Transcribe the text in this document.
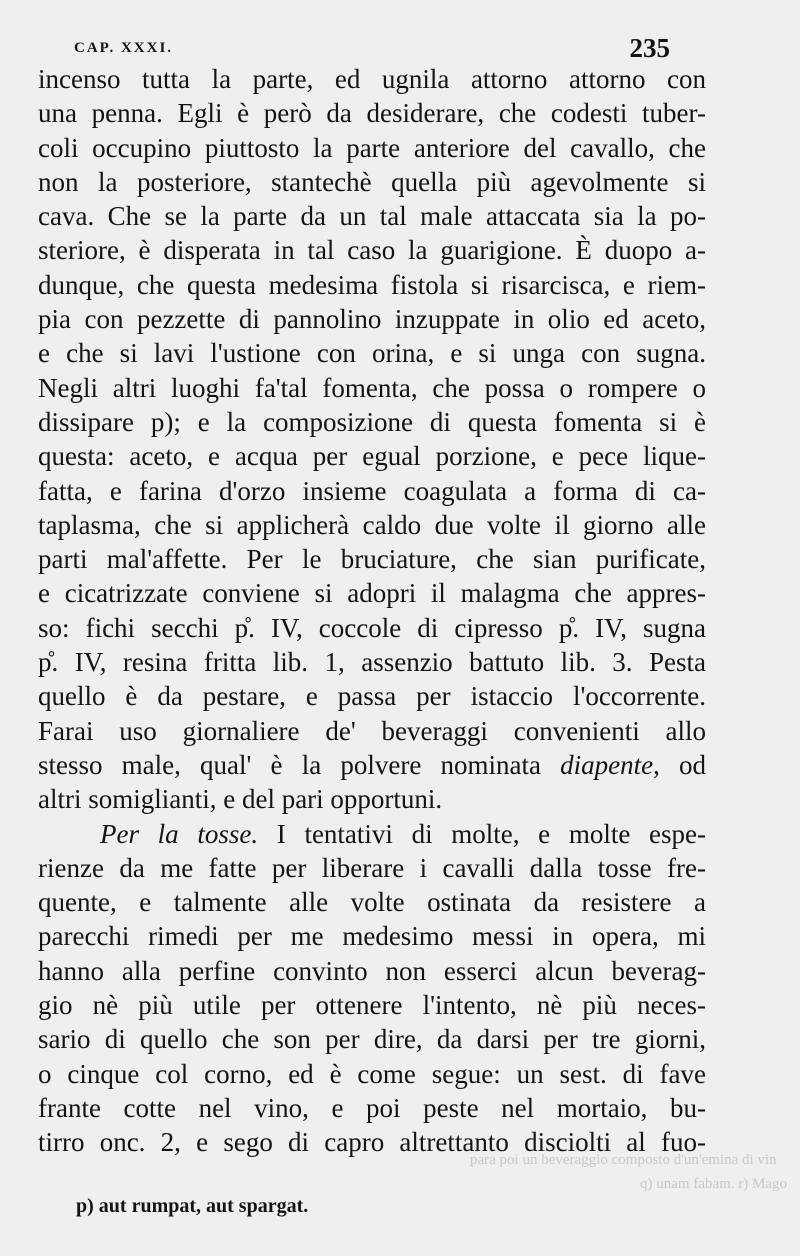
CAP. XXXI.	235
incenso tutta la parte, ed ugnila attorno attorno con
una penna. Egli è però da desiderare, che codesti tuber-
coli occupino piuttosto la parte anteriore del cavallo, che
non la posteriore, stantechè quella più agevolmente si
cava. Che se la parte da un tal male attaccata sia la po-
steriore, è disperata in tal caso la guarigione. È duopo a-
dunque, che questa medesima fistola si risarcisca, e riem-
pia con pezzette di pannolino inzuppate in olio ed aceto,
e che si lavi l'ustione con orina, e si unga con sugna.
Negli altri luoghi fa'tal fomenta, che possa o rompere o
dissipare p); e la composizione di questa fomenta si è
questa: aceto, e acqua per egual porzione, e pece lique-
fatta, e farina d'orzo insieme coagulata a forma di ca-
taplasma, che si applicherà caldo due volte il giorno alle
parti mal'affette. Per le bruciature, che sian purificate,
e cicatrizzate conviene si adopri il malagma che appres-
so: fichi secchi p̊. IV, coccole di cipresso p̊. IV, sugna
p̊. IV, resina fritta lib. 1, assenzio battuto lib. 3. Pesta
quello è da pestare, e passa per istaccio l'occorrente.
Farai uso giornaliere de' beveraggi convenienti allo
stesso male, qual' è la polvere nominata diapente, od
altri somiglianti, e del pari opportuni.
Per la tosse. I tentativi di molte, e molte espe-
rienze da me fatte per liberare i cavalli dalla tosse fre-
quente, e talmente alle volte ostinata da resistere a
parecchi rimedi per me medesimo messi in opera, mi
hanno alla perfine convinto non esserci alcun beverag-
gio nè più utile per ottenere l'intento, nè più neces-
sario di quello che son per dire, da darsi per tre giorni,
o cinque col corno, ed è come segue: un sest. di fave
frante cotte nel vino, e poi peste nel mortaio, bu-
tirro onc. 2, e sego di capro altrettanto disciolti al fuo-
para poi un beveraggio composto d'un'emina di vin
q) unam fabam. r) Mago
p) aut rumpat, aut spargat.
